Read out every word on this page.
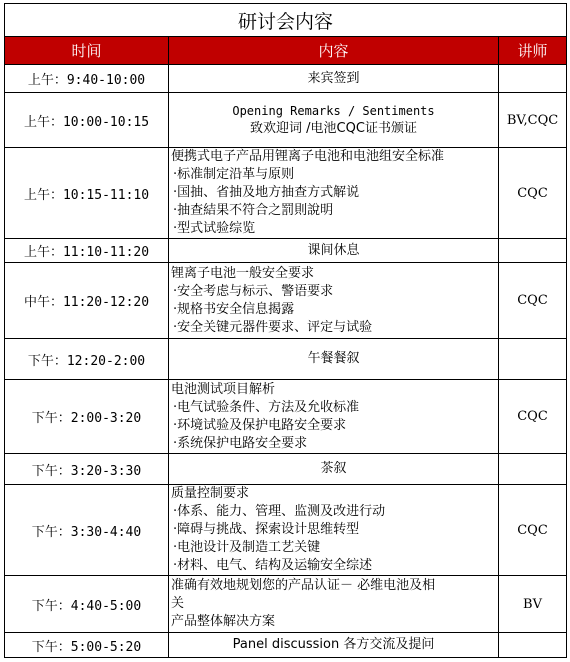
研讨会内容		
时间	内容	讲师
上午：9:40-10:00	来宾签到	

上午：10:00-10:15	Opening Remarks / Sentiments
致欢迎词 /电池CQC证书颁证	BV,CQC
上午：10:15-11:10	便携式电子产品用锂离子电池和电池组安全标准
·标准制定沿革与原则
·国抽、省抽及地方抽查方式解说
·抽查結果不符合之罰則說明
·型式试验综览	CQC
上午：11:10-11:20	课间休息	

中午：11:20-12:20	锂离子电池一般安全要求
·安全考虑与标示、警语要求
·规格书安全信息揭露
·安全关键元器件要求、评定与试验	CQC
下午：12:20-2:00	午餐餐叙	

下午：2:00-3:20	电池测试项目解析
·电气试验条件、方法及允收标准
·环境试验及保护电路安全要求
·系统保护电路安全要求	CQC
下午：3:20-3:30	茶叙	

下午：3:30-4:40	质量控制要求
·体系、能力、管理、监测及改进行动
·障碍与挑战、探索设计思维转型
·电池设计及制造工艺关键
·材料、电气、结构及运输安全综述	CQC
下午：4:40-5:00	准确有效地规划您的产品认证－ 必维电池及相
关
产品整体解决方案	BV
下午：5:00-5:20	Panel discussion 各方交流及提问	
